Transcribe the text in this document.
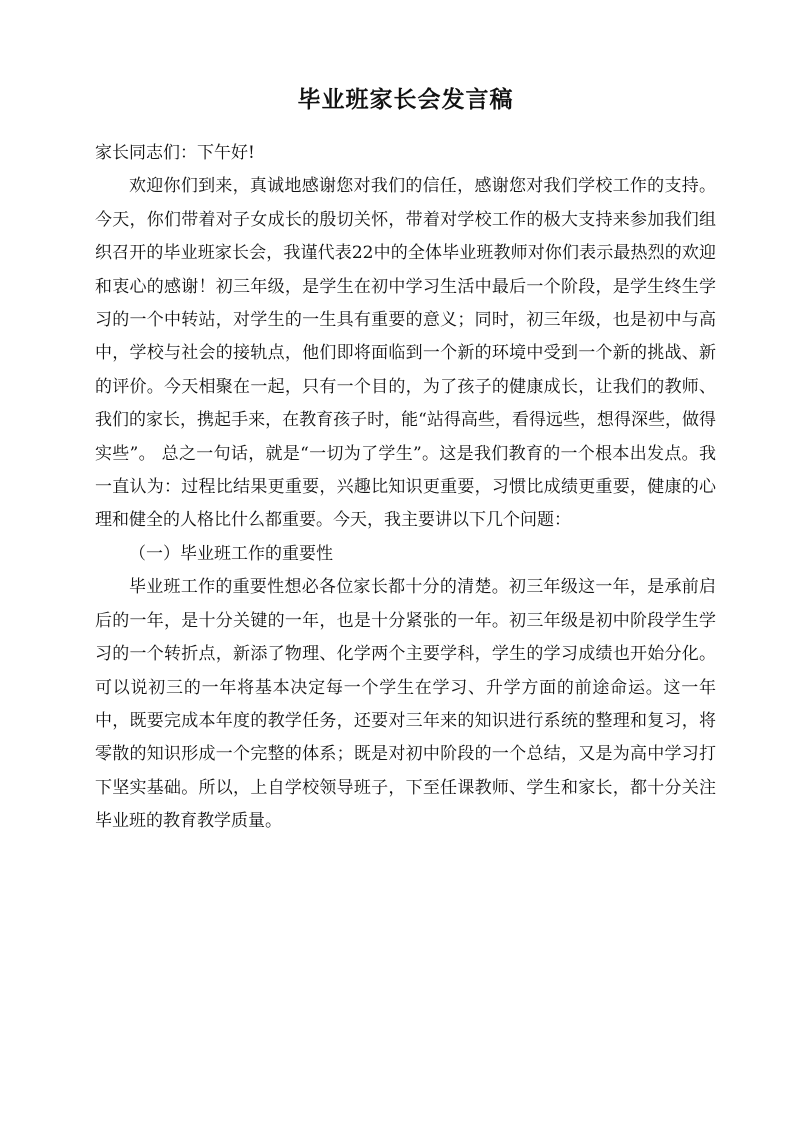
毕业班家长会发言稿

家长同志们：下午好!

欢迎你们到来，真诚地感谢您对我们的信任，感谢您对我们学校工作的支持。今天，你们带着对子女成长的殷切关怀，带着对学校工作的极大支持来参加我们组织召开的毕业班家长会，我谨代表22中的全体毕业班教师对你们表示最热烈的欢迎和衷心的感谢！初三年级，是学生在初中学习生活中最后一个阶段，是学生终生学习的一个中转站，对学生的一生具有重要的意义；同时，初三年级，也是初中与高中，学校与社会的接轨点，他们即将面临到一个新的环境中受到一个新的挑战、新的评价。今天相聚在一起，只有一个目的，为了孩子的健康成长，让我们的教师、我们的家长，携起手来，在教育孩子时，能“站得高些，看得远些，想得深些，做得实些”。 总之一句话，就是“一切为了学生”。这是我们教育的一个根本出发点。我一直认为：过程比结果更重要，兴趣比知识更重要，习惯比成绩更重要，健康的心理和健全的人格比什么都重要。今天，我主要讲以下几个问题：

（一）毕业班工作的重要性

毕业班工作的重要性想必各位家长都十分的清楚。初三年级这一年，是承前启后的一年，是十分关键的一年，也是十分紧张的一年。初三年级是初中阶段学生学习的一个转折点，新添了物理、化学两个主要学科，学生的学习成绩也开始分化。可以说初三的一年将基本决定每一个学生在学习、升学方面的前途命运。这一年中，既要完成本年度的教学任务，还要对三年来的知识进行系统的整理和复习，将零散的知识形成一个完整的体系；既是对初中阶段的一个总结，又是为高中学习打下坚实基础。所以，上自学校领导班子，下至任课教师、学生和家长，都十分关注毕业班的教育教学质量。
